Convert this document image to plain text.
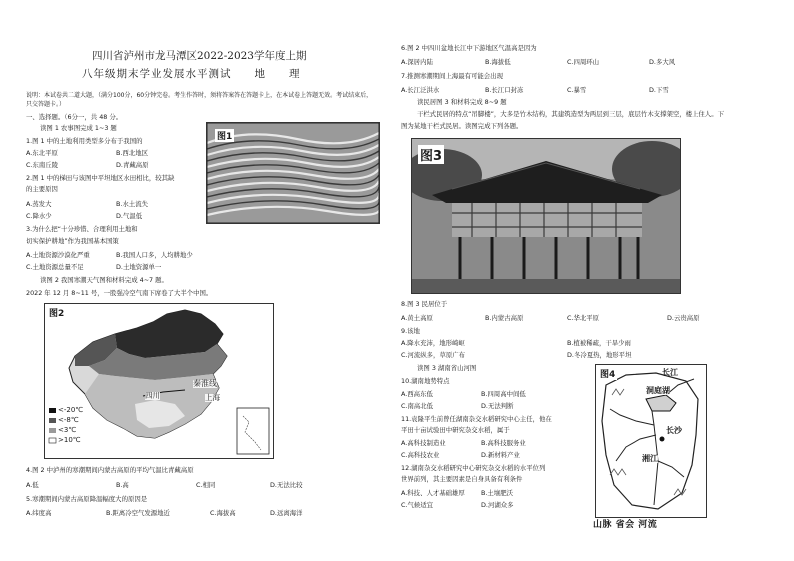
四川省泸州市龙马潭区2022-2023学年度上期
八年级期末学业发展水平测试　　地　　理
说明：本试卷共二道大题，（满分100分，60分钟完卷。考生作答时，须将答案答在答题卡上，在本试卷上答题无效。考试结束后，
只交答题卡。）
一、选择题。（6分一，共 48 分。
读图 1 农事图完成 1~3 题
1.图 1 中的土地利用类型多分布于我国的
A.东北平原	B.西北地区
C.东南丘陵	D.青藏高原
2.图 1 中的梯田与该图中平坦地区水田相比，较其缺
的主要原因
A.蒸发大	B.水土流失
C.降水少	D.气温低
3.为什么把“十分珍惜、合理利用土地和
切实保护耕地”作为我国基本国策
A.土地资源沙漠化严重	B.我国人口多，人均耕地少
C.土地资源总量不足	D.土地资源单一
读图 2 我国寒潮天气图和材料完成 4~7 题。
2022 年 12 月 8~11 号，一股强冷空气南下席卷了大半个中国。
图1
图2
秦淮线
四川	上海
<-20℃
<-8℃
<3℃
>10℃
4.图 2 中泸州的寒潮期间内蒙古高原的平均气温比青藏高原
A.低	B.高	C.相同	D.无法比较
5.寒潮期间内蒙古高原降温幅度大的原因是
A.纬度高	B.距离冷空气发源地近	C.海拔高	D.远离海洋
6.图 2 中四川盆地长江中下游地区气温高是因为
A.深居内陆	B.海拔低	C.四周环山	D.多大风
7.推测寒潮期间上海最有可能会出现
A.长江泛洪水	B.长江口封冻	C.暴雪	D.下雪
读民居图 3 和材料完成 8~9 题
干栏式民居的特点“吊脚楼”，大多是竹木结构，其建筑造型为两层到三层，底层竹木支撑架空，楼上住人。下
图为某地干栏式民居。读图完成下列各题。
图3
8.图 3 民居位于
A.黄土高原	B.内蒙古高原	C.华北平原	D.云贵高原
9.该地
A.降水充沛，地形崎岖	B.植被稀疏，干旱少雨
C.河流纵多，草原广布	D.冬冷夏热，地形平坦
读图 3 湖南省山河图
10.湖南地势特点
A.西高东低	B.四周高中间低
C.南高北低	D.无法判断
11.袁隆平生前曾任湖南杂交水稻研究中心主任，他在
平田十亩试验田中研究杂交水稻，属于
A.高科技制造业	B.高科技服务业
C.高科技农业	D.新材料产业
12.湖南杂交水稻研究中心研究杂交水稻的水平位列
世界前列，其主要因素是自身具备有利条件
A.科技、人才基础雄厚	B.土壤肥沃
C.气候适宜	D.河湖众多
图4	长江
洞庭湖
长沙
湘江
山脉 省会 河流
